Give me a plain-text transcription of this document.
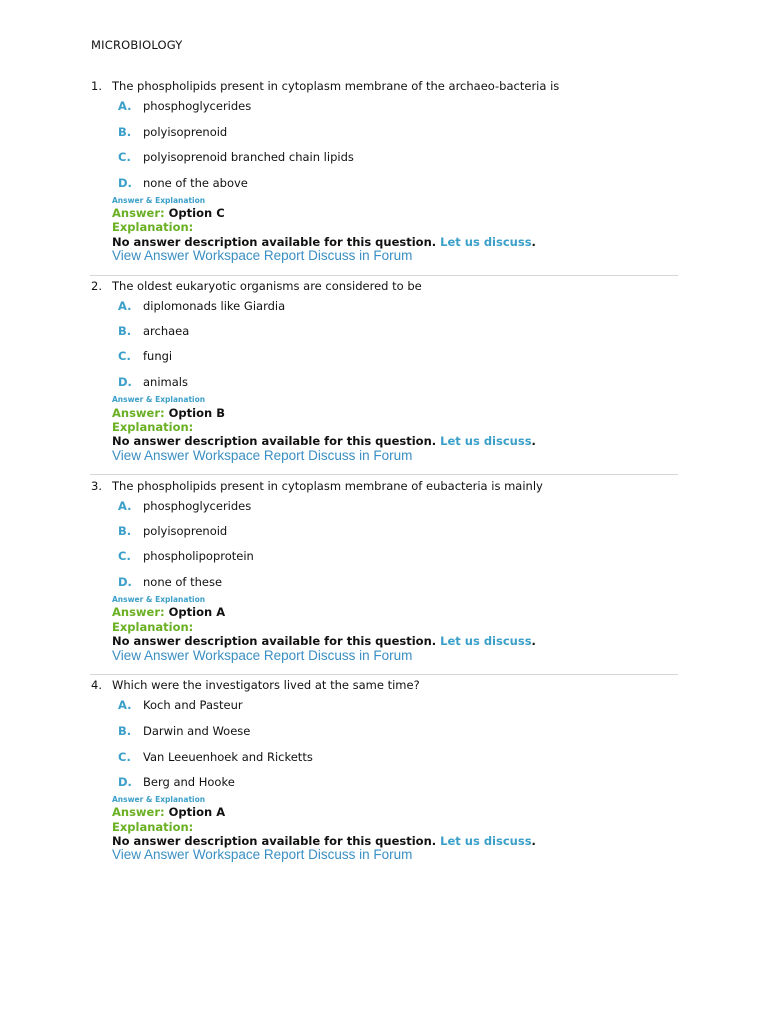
MICROBIOLOGY
1. The phospholipids present in cytoplasm membrane of the archaeo-bacteria is
A. phosphoglycerides
B. polyisoprenoid
C. polyisoprenoid branched chain lipids
D. none of the above
Answer & Explanation
Answer: Option C
Explanation:
No answer description available for this question. Let us discuss.
View Answer Workspace Report Discuss in Forum
2. The oldest eukaryotic organisms are considered to be
A. diplomonads like Giardia
B. archaea
C. fungi
D. animals
Answer & Explanation
Answer: Option B
Explanation:
No answer description available for this question. Let us discuss.
View Answer Workspace Report Discuss in Forum
3. The phospholipids present in cytoplasm membrane of eubacteria is mainly
A. phosphoglycerides
B. polyisoprenoid
C. phospholipoprotein
D. none of these
Answer & Explanation
Answer: Option A
Explanation:
No answer description available for this question. Let us discuss.
View Answer Workspace Report Discuss in Forum
4. Which were the investigators lived at the same time?
A. Koch and Pasteur
B. Darwin and Woese
C. Van Leeuenhoek and Ricketts
D. Berg and Hooke
Answer & Explanation
Answer: Option A
Explanation:
No answer description available for this question. Let us discuss.
View Answer Workspace Report Discuss in Forum
